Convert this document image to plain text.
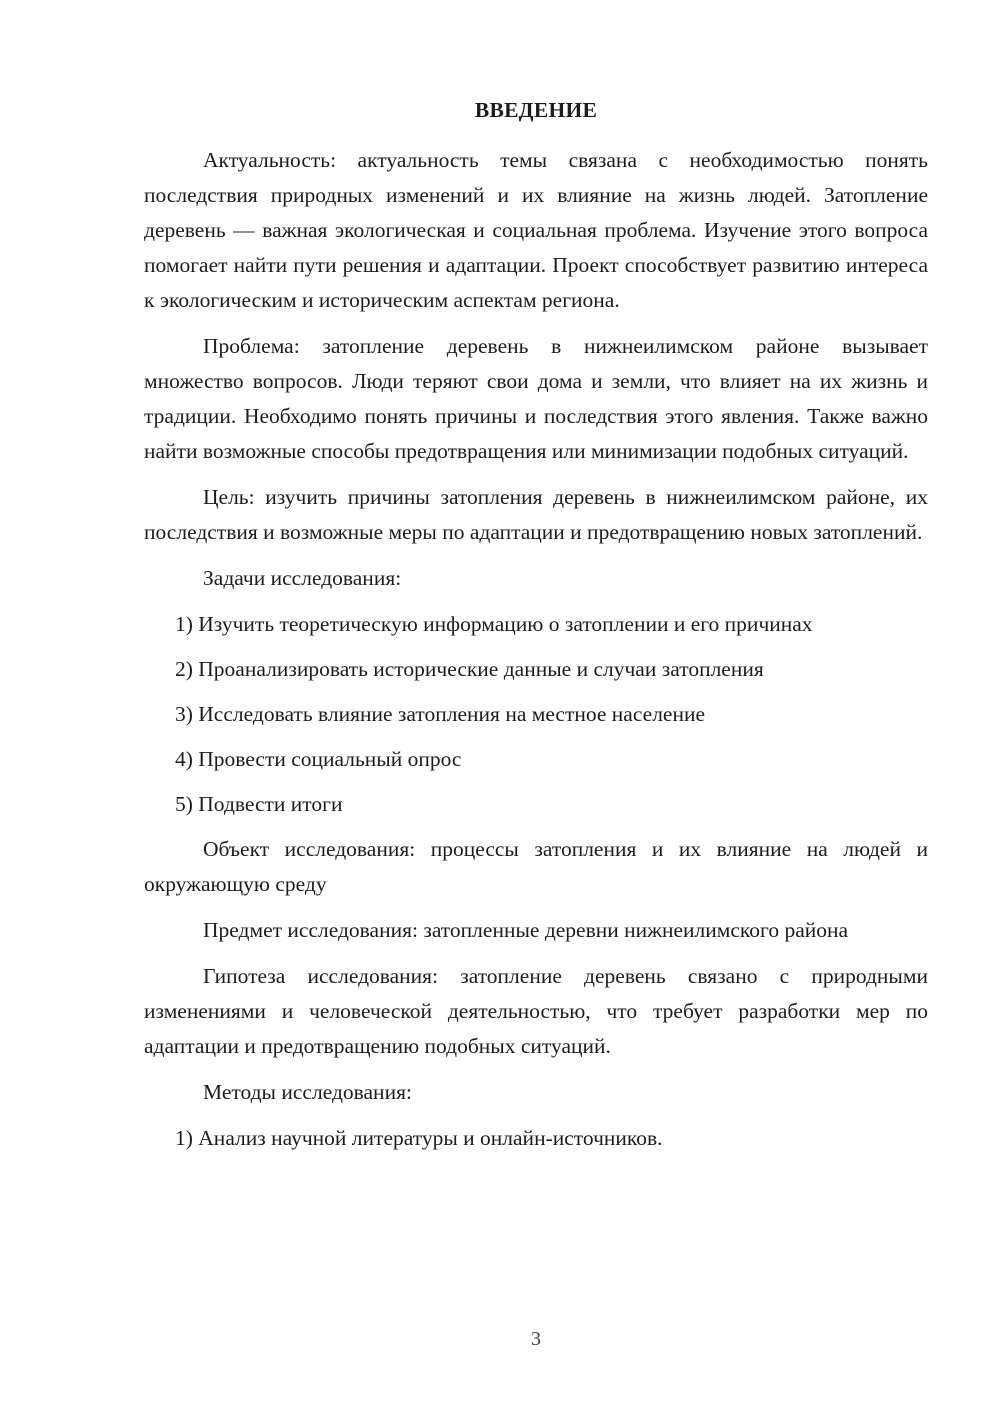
ВВЕДЕНИЕ

Актуальность: актуальность темы связана с необходимостью понять последствия природных изменений и их влияние на жизнь людей. Затопление деревень — важная экологическая и социальная проблема. Изучение этого вопроса помогает найти пути решения и адаптации. Проект способствует развитию интереса к экологическим и историческим аспектам региона.

Проблема: затопление деревень в нижнеилимском районе вызывает множество вопросов. Люди теряют свои дома и земли, что влияет на их жизнь и традиции. Необходимо понять причины и последствия этого явления. Также важно найти возможные способы предотвращения или минимизации подобных ситуаций.

Цель: изучить причины затопления деревень в нижнеилимском районе, их последствия и возможные меры по адаптации и предотвращению новых затоплений.

Задачи исследования:

1) Изучить теоретическую информацию о затоплении и его причинах
2) Проанализировать исторические данные и случаи затопления
3) Исследовать влияние затопления на местное население
4) Провести социальный опрос
5) Подвести итоги

Объект исследования: процессы затопления и их влияние на людей и окружающую среду

Предмет исследования: затопленные деревни нижнеилимского района

Гипотеза исследования: затопление деревень связано с природными изменениями и человеческой деятельностью, что требует разработки мер по адаптации и предотвращению подобных ситуаций.

Методы исследования:

1) Анализ научной литературы и онлайн-источников.
3
